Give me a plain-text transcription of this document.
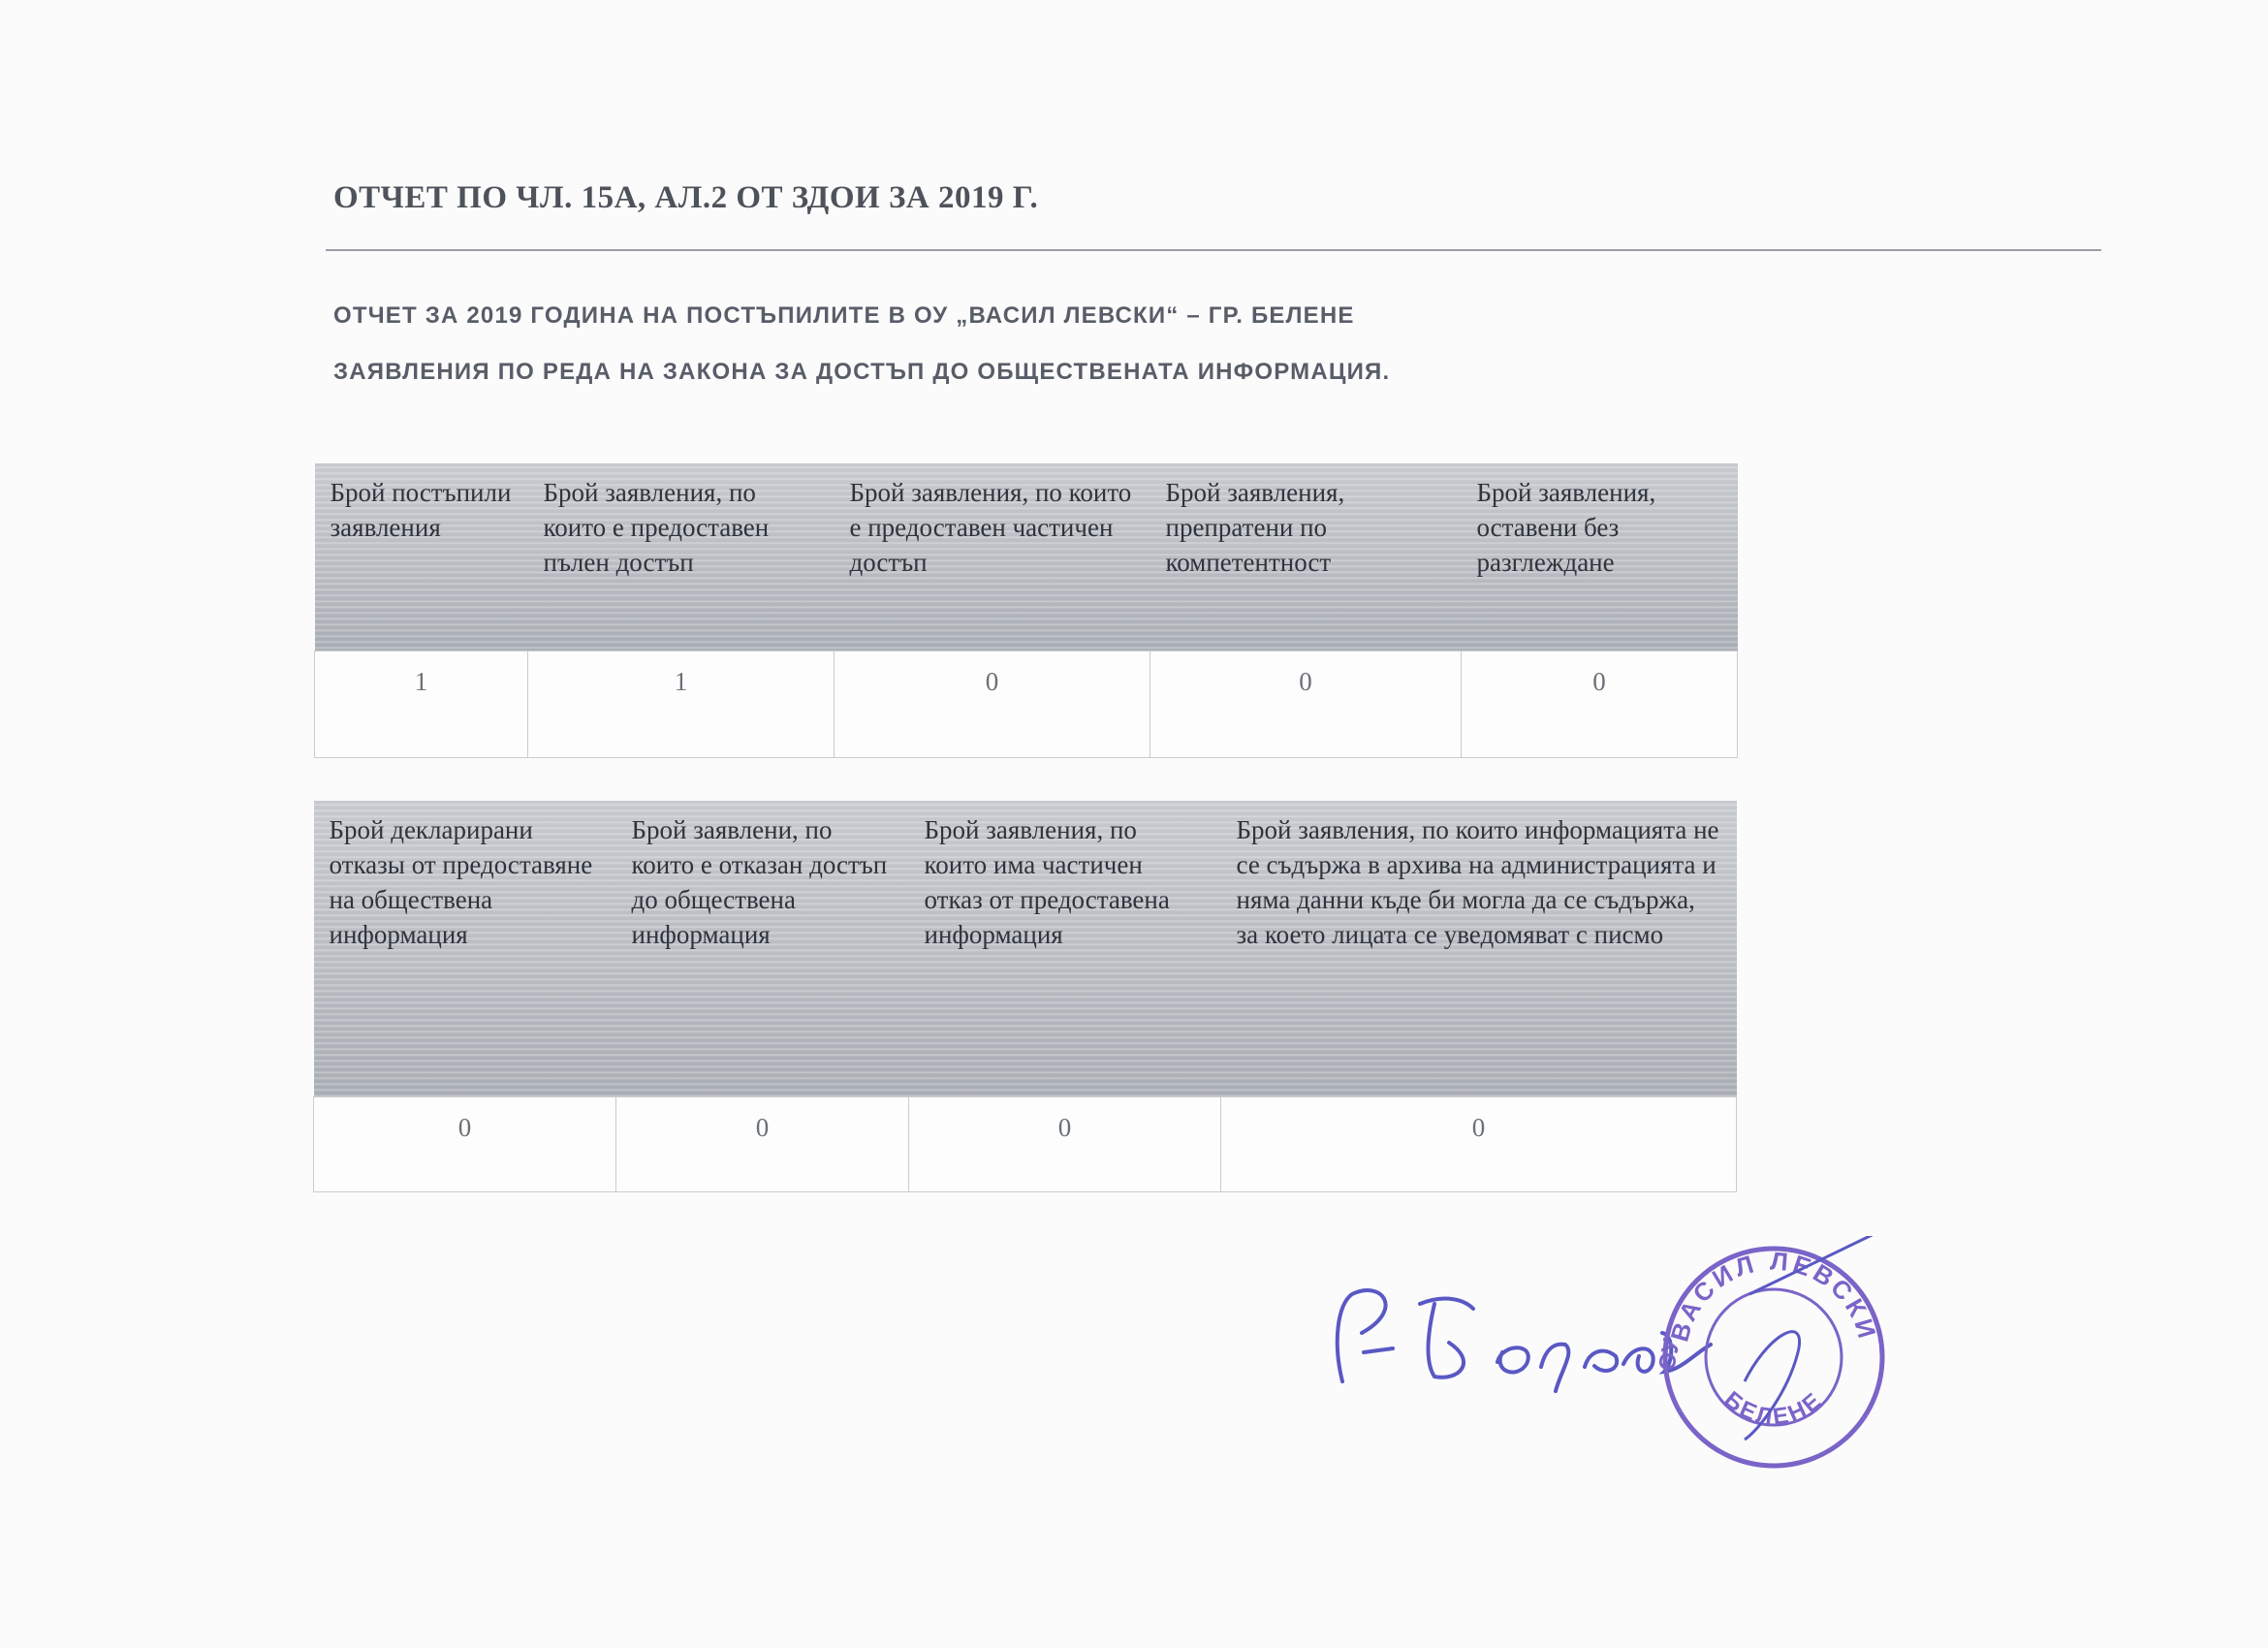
ОТЧЕТ ПО ЧЛ. 15А, АЛ.2 ОТ ЗДОИ ЗА 2019 Г.
ОТЧЕТ ЗА 2019 ГОДИНА НА ПОСТЪПИЛИТЕ В ОУ „ВАСИЛ ЛЕВСКИ“ – ГР. БЕЛЕНЕ
ЗАЯВЛЕНИЯ ПО РЕДА НА ЗАКОНА ЗА ДОСТЪП ДО ОБЩЕСТВЕНАТА ИНФОРМАЦИЯ.
Брой постъпили заявления	Брой заявления, по които е предоставен пълен достъп	Брой заявления, по които е предоставен частичен достъп	Брой заявления, препратени по компетентност	Брой заявления, оставени без разглеждане
1	1	0	0	0
Брой декларирани отказы от предоставяне на обществена информация	Брой заявлени, по които е отказан достъп до обществена информация	Брой заявления, по които има частичен отказ от предоставена информация	Брой заявления, по които информацията не се съдържа в архива на администрацията и няма данни къде би могла да се съдържа, за което лицата се уведомяват с писмо
0	0	0	0
ВАСИЛ ЛЕВСКИ
БЕЛЕНЕ
ОУ
